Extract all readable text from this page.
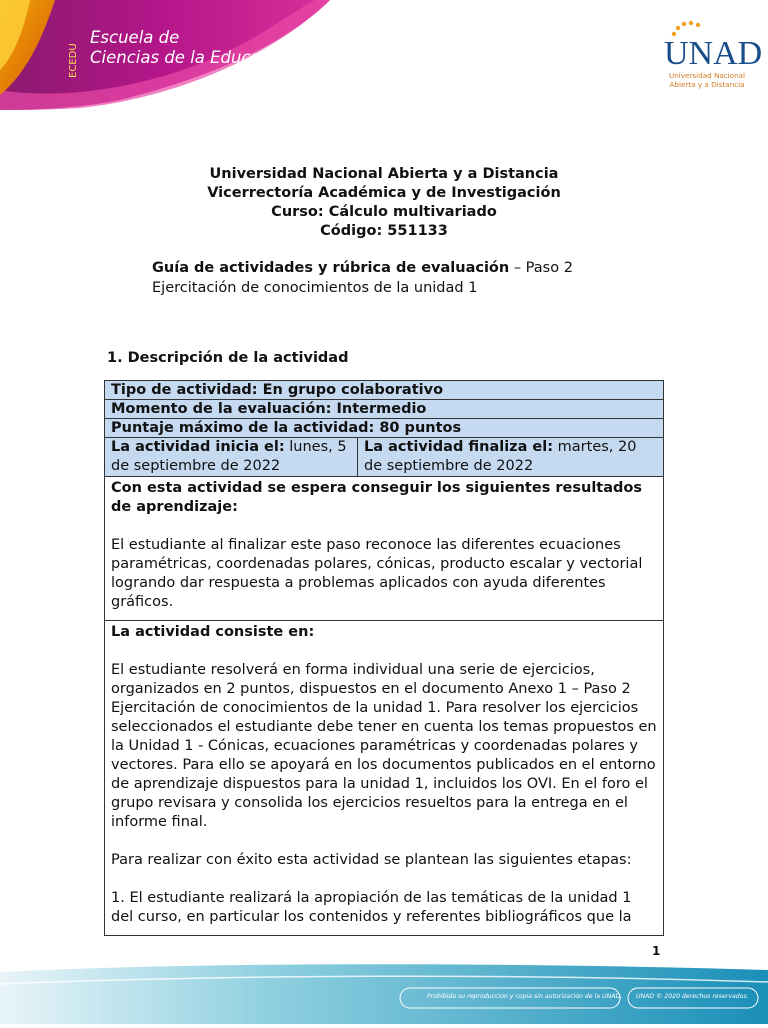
ECEDU
Escuela de
Ciencias de la Educación	UNAD
Universidad Nacional
Abierta y a Distancia
Universidad Nacional Abierta y a Distancia
Vicerrectoría Académica y de Investigación
Curso: Cálculo multivariado
Código: 551133
Guía de actividades y rúbrica de evaluación – Paso 2
Ejercitación de conocimientos de la unidad 1
1. Descripción de la actividad
Tipo de actividad: En grupo colaborativo
Momento de la evaluación: Intermedio
Puntaje máximo de la actividad: 80 puntos
La actividad inicia el: lunes, 5 de septiembre de 2022	La actividad finaliza el: martes, 20 de septiembre de 2022

Con esta actividad se espera conseguir los siguientes resultados de aprendizaje:

El estudiante al finalizar este paso reconoce las diferentes ecuaciones paramétricas, coordenadas polares, cónicas, producto escalar y vectorial logrando dar respuesta a problemas aplicados con ayuda diferentes gráficos.

La actividad consiste en:

El estudiante resolverá en forma individual una serie de ejercicios, organizados en 2 puntos, dispuestos en el documento Anexo 1 – Paso 2 Ejercitación de conocimientos de la unidad 1. Para resolver los ejercicios seleccionados el estudiante debe tener en cuenta los temas propuestos en la Unidad 1 - Cónicas, ecuaciones paramétricas y coordenadas polares y vectores. Para ello se apoyará en los documentos publicados en el entorno de aprendizaje dispuestos para la unidad 1, incluidos los OVI. En el foro el grupo revisara y consolida los ejercicios resueltos para la entrega en el informe final.

Para realizar con éxito esta actividad se plantean las siguientes etapas:

1. El estudiante realizará la apropiación de las temáticas de la unidad 1 del curso, en particular los contenidos y referentes bibliográficos que la

1
Prohibida su reproducción y copia sin autorización de la UNAD. UNAD © 2020 derechos reservados.
